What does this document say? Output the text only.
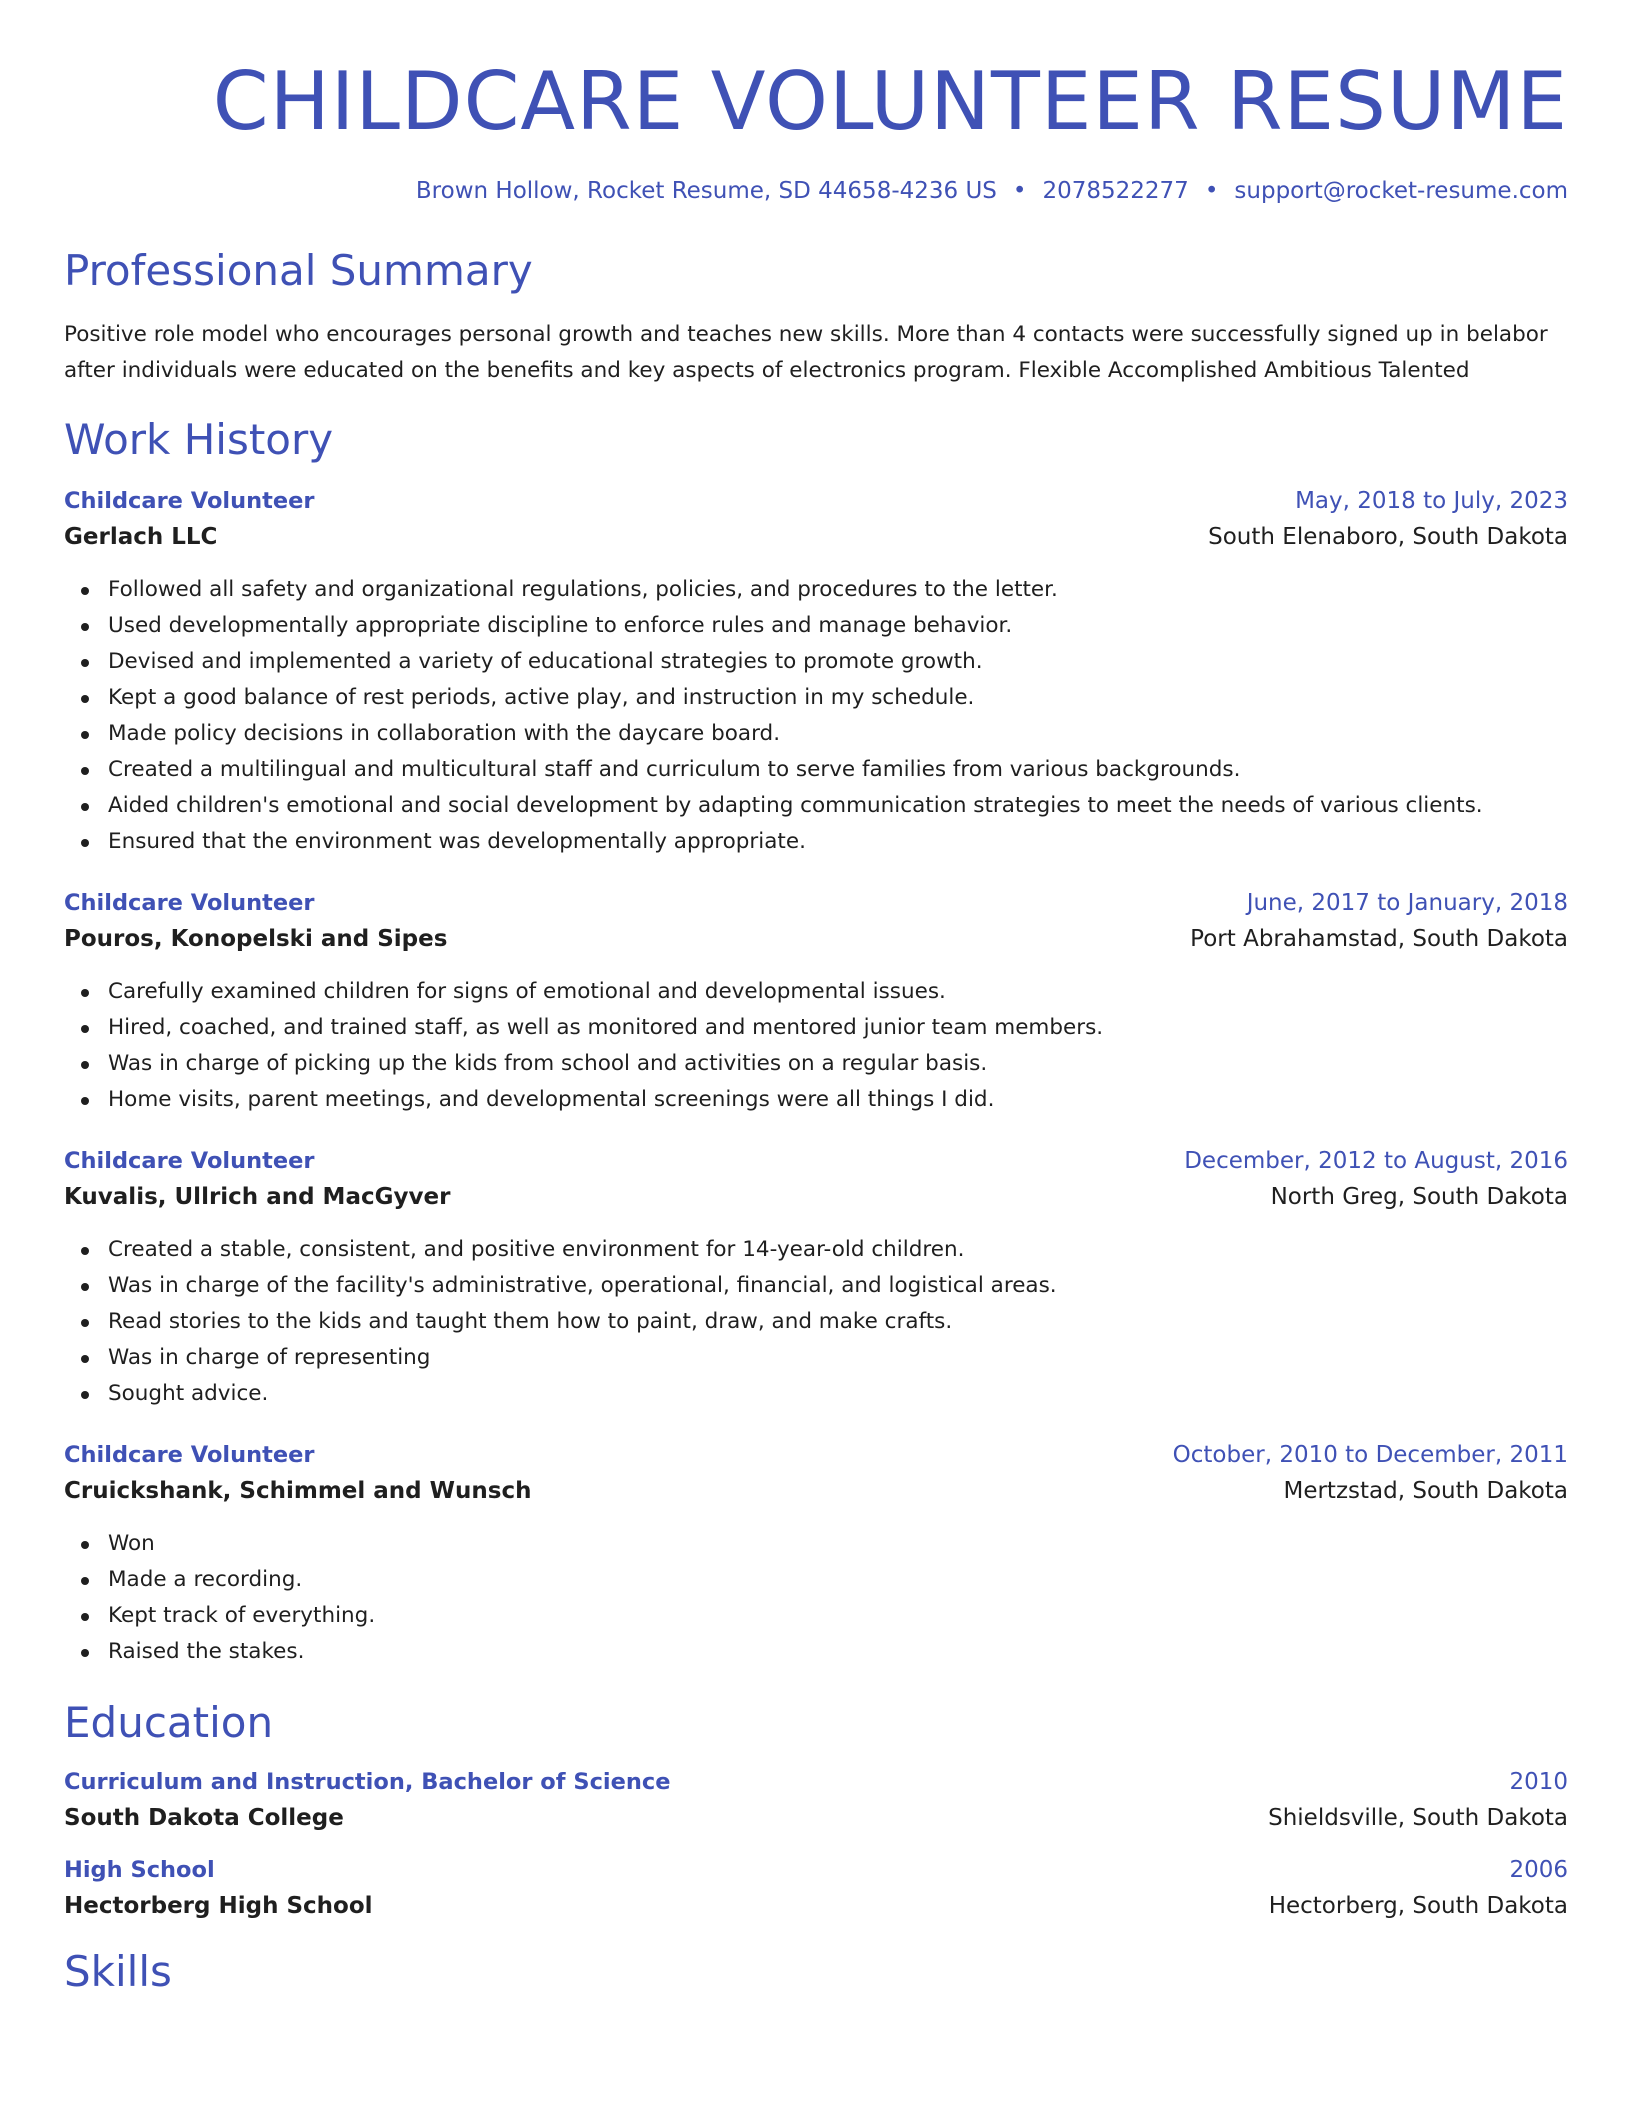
CHILDCARE VOLUNTEER RESUME
Brown Hollow, Rocket Resume, SD 44658-4236 US • 2078522277 • support@rocket-resume.com
Professional Summary
Positive role model who encourages personal growth and teaches new skills. More than 4 contacts were successfully signed up in belabor after individuals were educated on the benefits and key aspects of electronics program. Flexible Accomplished Ambitious Talented
Work History
Childcare Volunteer	May, 2018 to July, 2023
Gerlach LLC	South Elenaboro, South Dakota
Followed all safety and organizational regulations, policies, and procedures to the letter.
Used developmentally appropriate discipline to enforce rules and manage behavior.
Devised and implemented a variety of educational strategies to promote growth.
Kept a good balance of rest periods, active play, and instruction in my schedule.
Made policy decisions in collaboration with the daycare board.
Created a multilingual and multicultural staff and curriculum to serve families from various backgrounds.
Aided children's emotional and social development by adapting communication strategies to meet the needs of various clients.
Ensured that the environment was developmentally appropriate.
Childcare Volunteer	June, 2017 to January, 2018
Pouros, Konopelski and Sipes	Port Abrahamstad, South Dakota
Carefully examined children for signs of emotional and developmental issues.
Hired, coached, and trained staff, as well as monitored and mentored junior team members.
Was in charge of picking up the kids from school and activities on a regular basis.
Home visits, parent meetings, and developmental screenings were all things I did.
Childcare Volunteer	December, 2012 to August, 2016
Kuvalis, Ullrich and MacGyver	North Greg, South Dakota
Created a stable, consistent, and positive environment for 14-year-old children.
Was in charge of the facility's administrative, operational, financial, and logistical areas.
Read stories to the kids and taught them how to paint, draw, and make crafts.
Was in charge of representing
Sought advice.
Childcare Volunteer	October, 2010 to December, 2011
Cruickshank, Schimmel and Wunsch	Mertzstad, South Dakota
Won
Made a recording.
Kept track of everything.
Raised the stakes.
Education
Curriculum and Instruction, Bachelor of Science	2010
South Dakota College	Shieldsville, South Dakota
High School	2006
Hectorberg High School	Hectorberg, South Dakota
Skills
